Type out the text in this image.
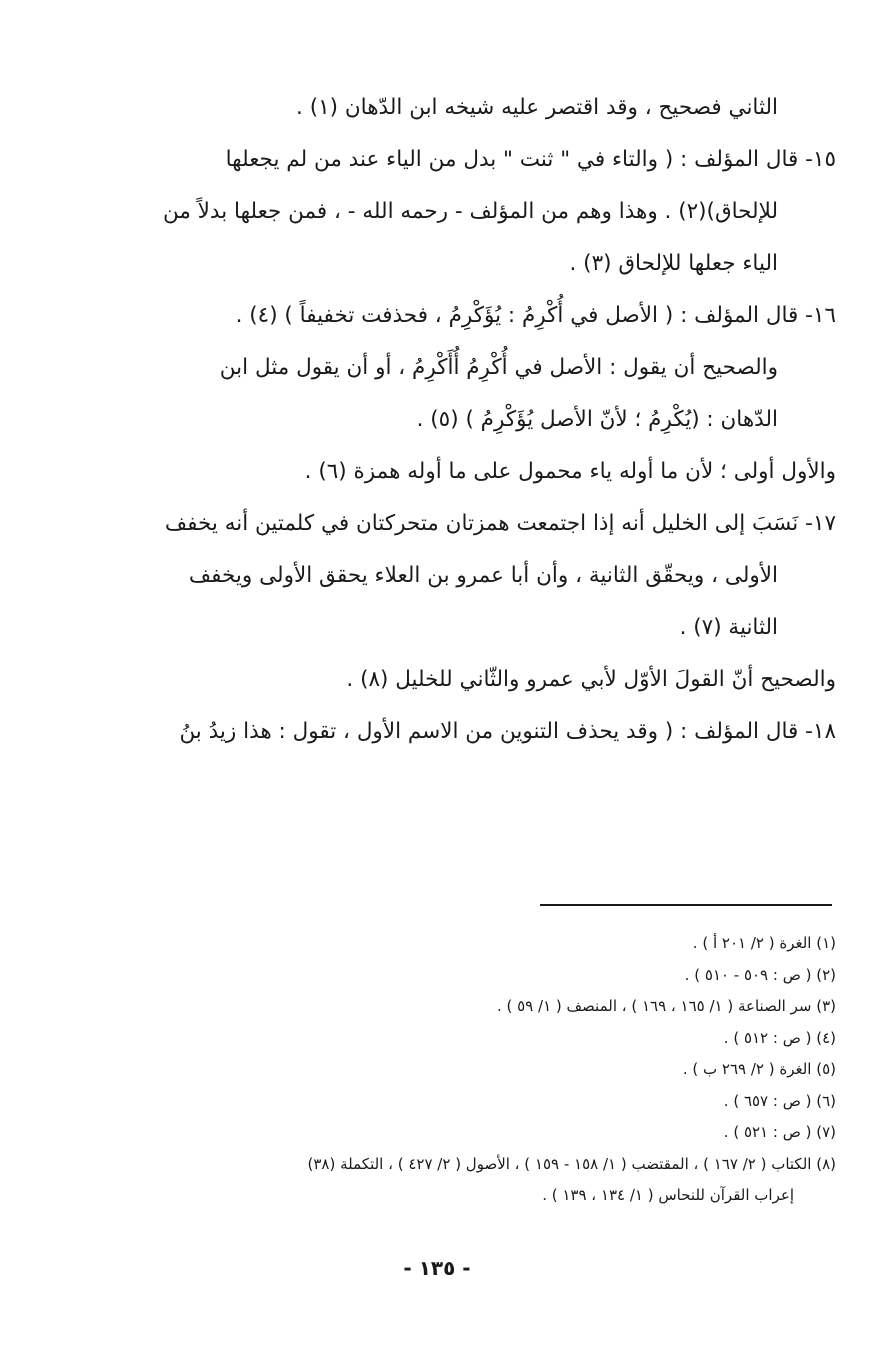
الثاني فصحيح ، وقد اقتصر عليه شيخه ابن الدّهان (١) .
١٥- قال المؤلف : ( والتاء في " ثنت " بدل من الياء عند من لم يجعلها
للإلحاق)(٢) . وهذا وهم من المؤلف - رحمه الله - ، فمن جعلها بدلاً من
الياء جعلها للإلحاق (٣) .
١٦- قال المؤلف : ( الأصل في أُكْرِمُ : يُؤَكْرِمُ ، فحذفت تخفيفاً ) (٤) .
والصحيح أن يقول : الأصل في أُكْرِمُ أُأَكْرِمُ ، أو أن يقول مثل ابن
الدّهان : (يُكْرِمُ ؛ لأنّ الأصل يُؤَكْرِمُ ) (٥) .
والأول أولى ؛ لأن ما أوله ياء محمول على ما أوله همزة (٦) .
١٧- نَسَبَ إلى الخليل أنه إذا اجتمعت همزتان متحركتان في كلمتين أنه يخفف
الأولى ، ويحقّق الثانية ، وأن أبا عمرو بن العلاء يحقق الأولى ويخفف
الثانية (٧) .
والصحيح أنّ القولَ الأوّل لأبي عمرو والثّاني للخليل (٨) .
١٨- قال المؤلف : ( وقد يحذف التنوين من الاسم الأول ، تقول : هذا زيدُ بنُ
(١) الغرة ( ٢/ ٢٠١ أ ) .
(٢) ( ص : ٥٠٩ - ٥١٠ ) .
(٣) سر الصناعة ( ١/ ١٦٥ ، ١٦٩ ) ، المنصف ( ١/ ٥٩ ) .
(٤) ( ص : ٥١٢ ) .
(٥) الغرة ( ٢/ ٢٦٩ ب ) .
(٦) ( ص : ٦٥٧ ) .
(٧) ( ص : ٥٢١ ) .
(٨) الكتاب ( ٢/ ١٦٧ ) ، المقتضب ( ١/ ١٥٨ - ١٥٩ ) ، الأصول ( ٢/ ٤٢٧ ) ، التكملة (٣٨)
إعراب القرآن للنحاس ( ١/ ١٣٤ ، ١٣٩ ) .
- ١٣٥ -
